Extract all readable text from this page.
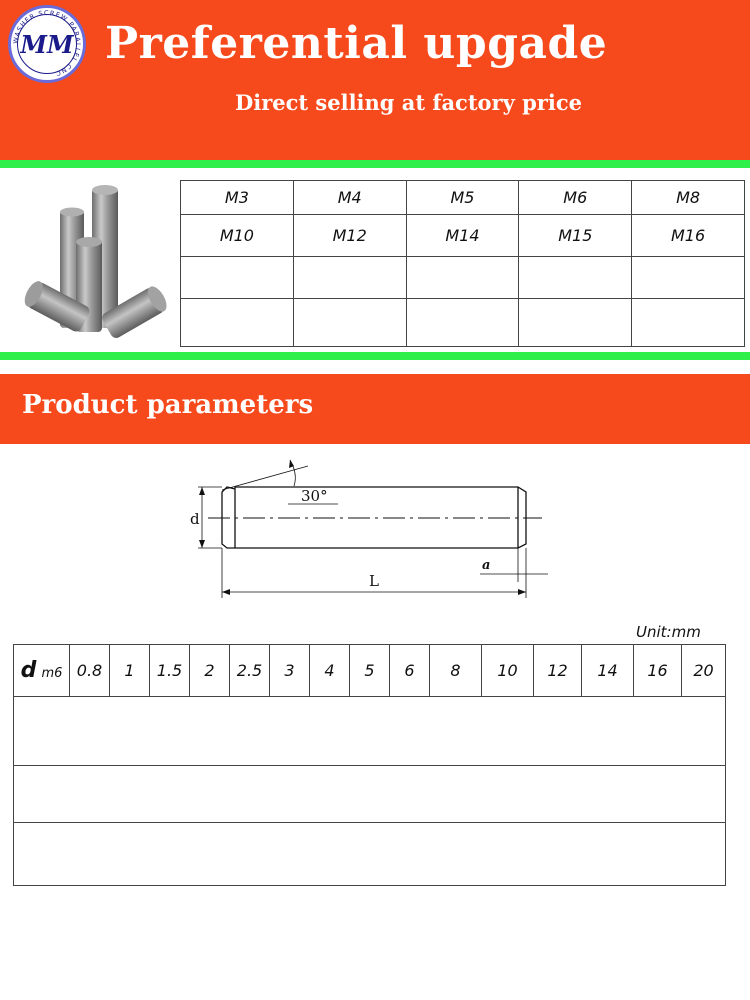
WASHER SCREW PARALLEL CNC
MM Preferential upgade

Direct selling at factory price

M3	M4	M5	M6	M8
M10	M12	M14	M15	M16

Product parameters
30°
d
L
a
Unit:mm
d m6	0.8	1	1.5	2	2.5	3	4	5	6	8	10	12	14	16	20
